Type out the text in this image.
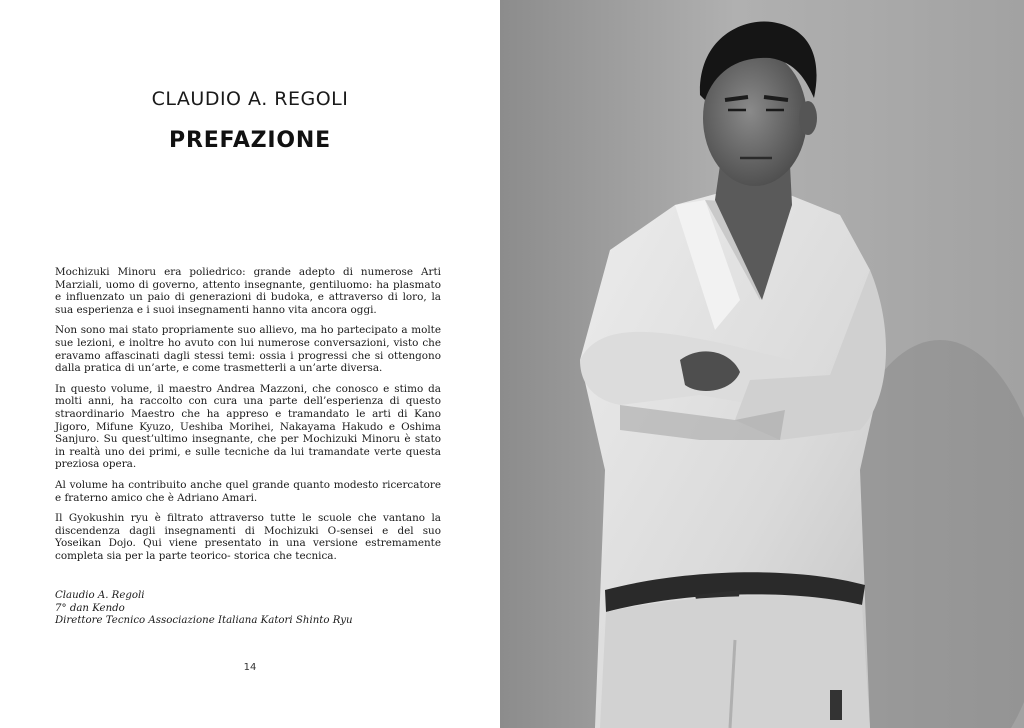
CLAUDIO A. REGOLI
PREFAZIONE

Mochizuki Minoru era poliedrico: grande adepto di numerose Arti Marziali, uomo di governo, attento insegnante, gentiluomo: ha plasmato e influenzato un paio di generazioni di budoka, e attraverso di loro, la sua esperienza e i suoi insegnamenti hanno vita ancora oggi.

Non sono mai stato propriamente suo allievo, ma ho partecipato a molte sue lezioni, e inoltre ho avuto con lui numerose conversazioni, visto che eravamo affascinati dagli stessi temi: ossia i progressi che si ottengono dalla pratica di un’arte, e come trasmetterli a un’arte diversa.

In questo volume, il maestro Andrea Mazzoni, che conosco e stimo da molti anni, ha raccolto con cura una parte dell’esperienza di questo straordinario Maestro che ha appreso e tramandato le arti di Kano Jigoro, Mifune Kyuzo, Ueshiba Morihei, Nakayama Hakudo e Oshima Sanjuro. Su quest’ultimo insegnante, che per Mochizuki Minoru è stato in realtà uno dei primi, e sulle tecniche da lui tramandate verte questa preziosa opera.

Al volume ha contribuito anche quel grande quanto modesto ricercatore e fraterno amico che è Adriano Amari.

Il Gyokushin ryu è filtrato attraverso tutte le scuole che vantano la discendenza dagli insegnamenti di Mochizuki O-sensei e del suo Yoseikan Dojo. Qui viene presentato in una versione estremamente completa sia per la parte teorico- storica che tecnica.

Claudio A. Regoli
7° dan Kendo
Direttore Tecnico Associazione Italiana Katori Shinto Ryu
14
